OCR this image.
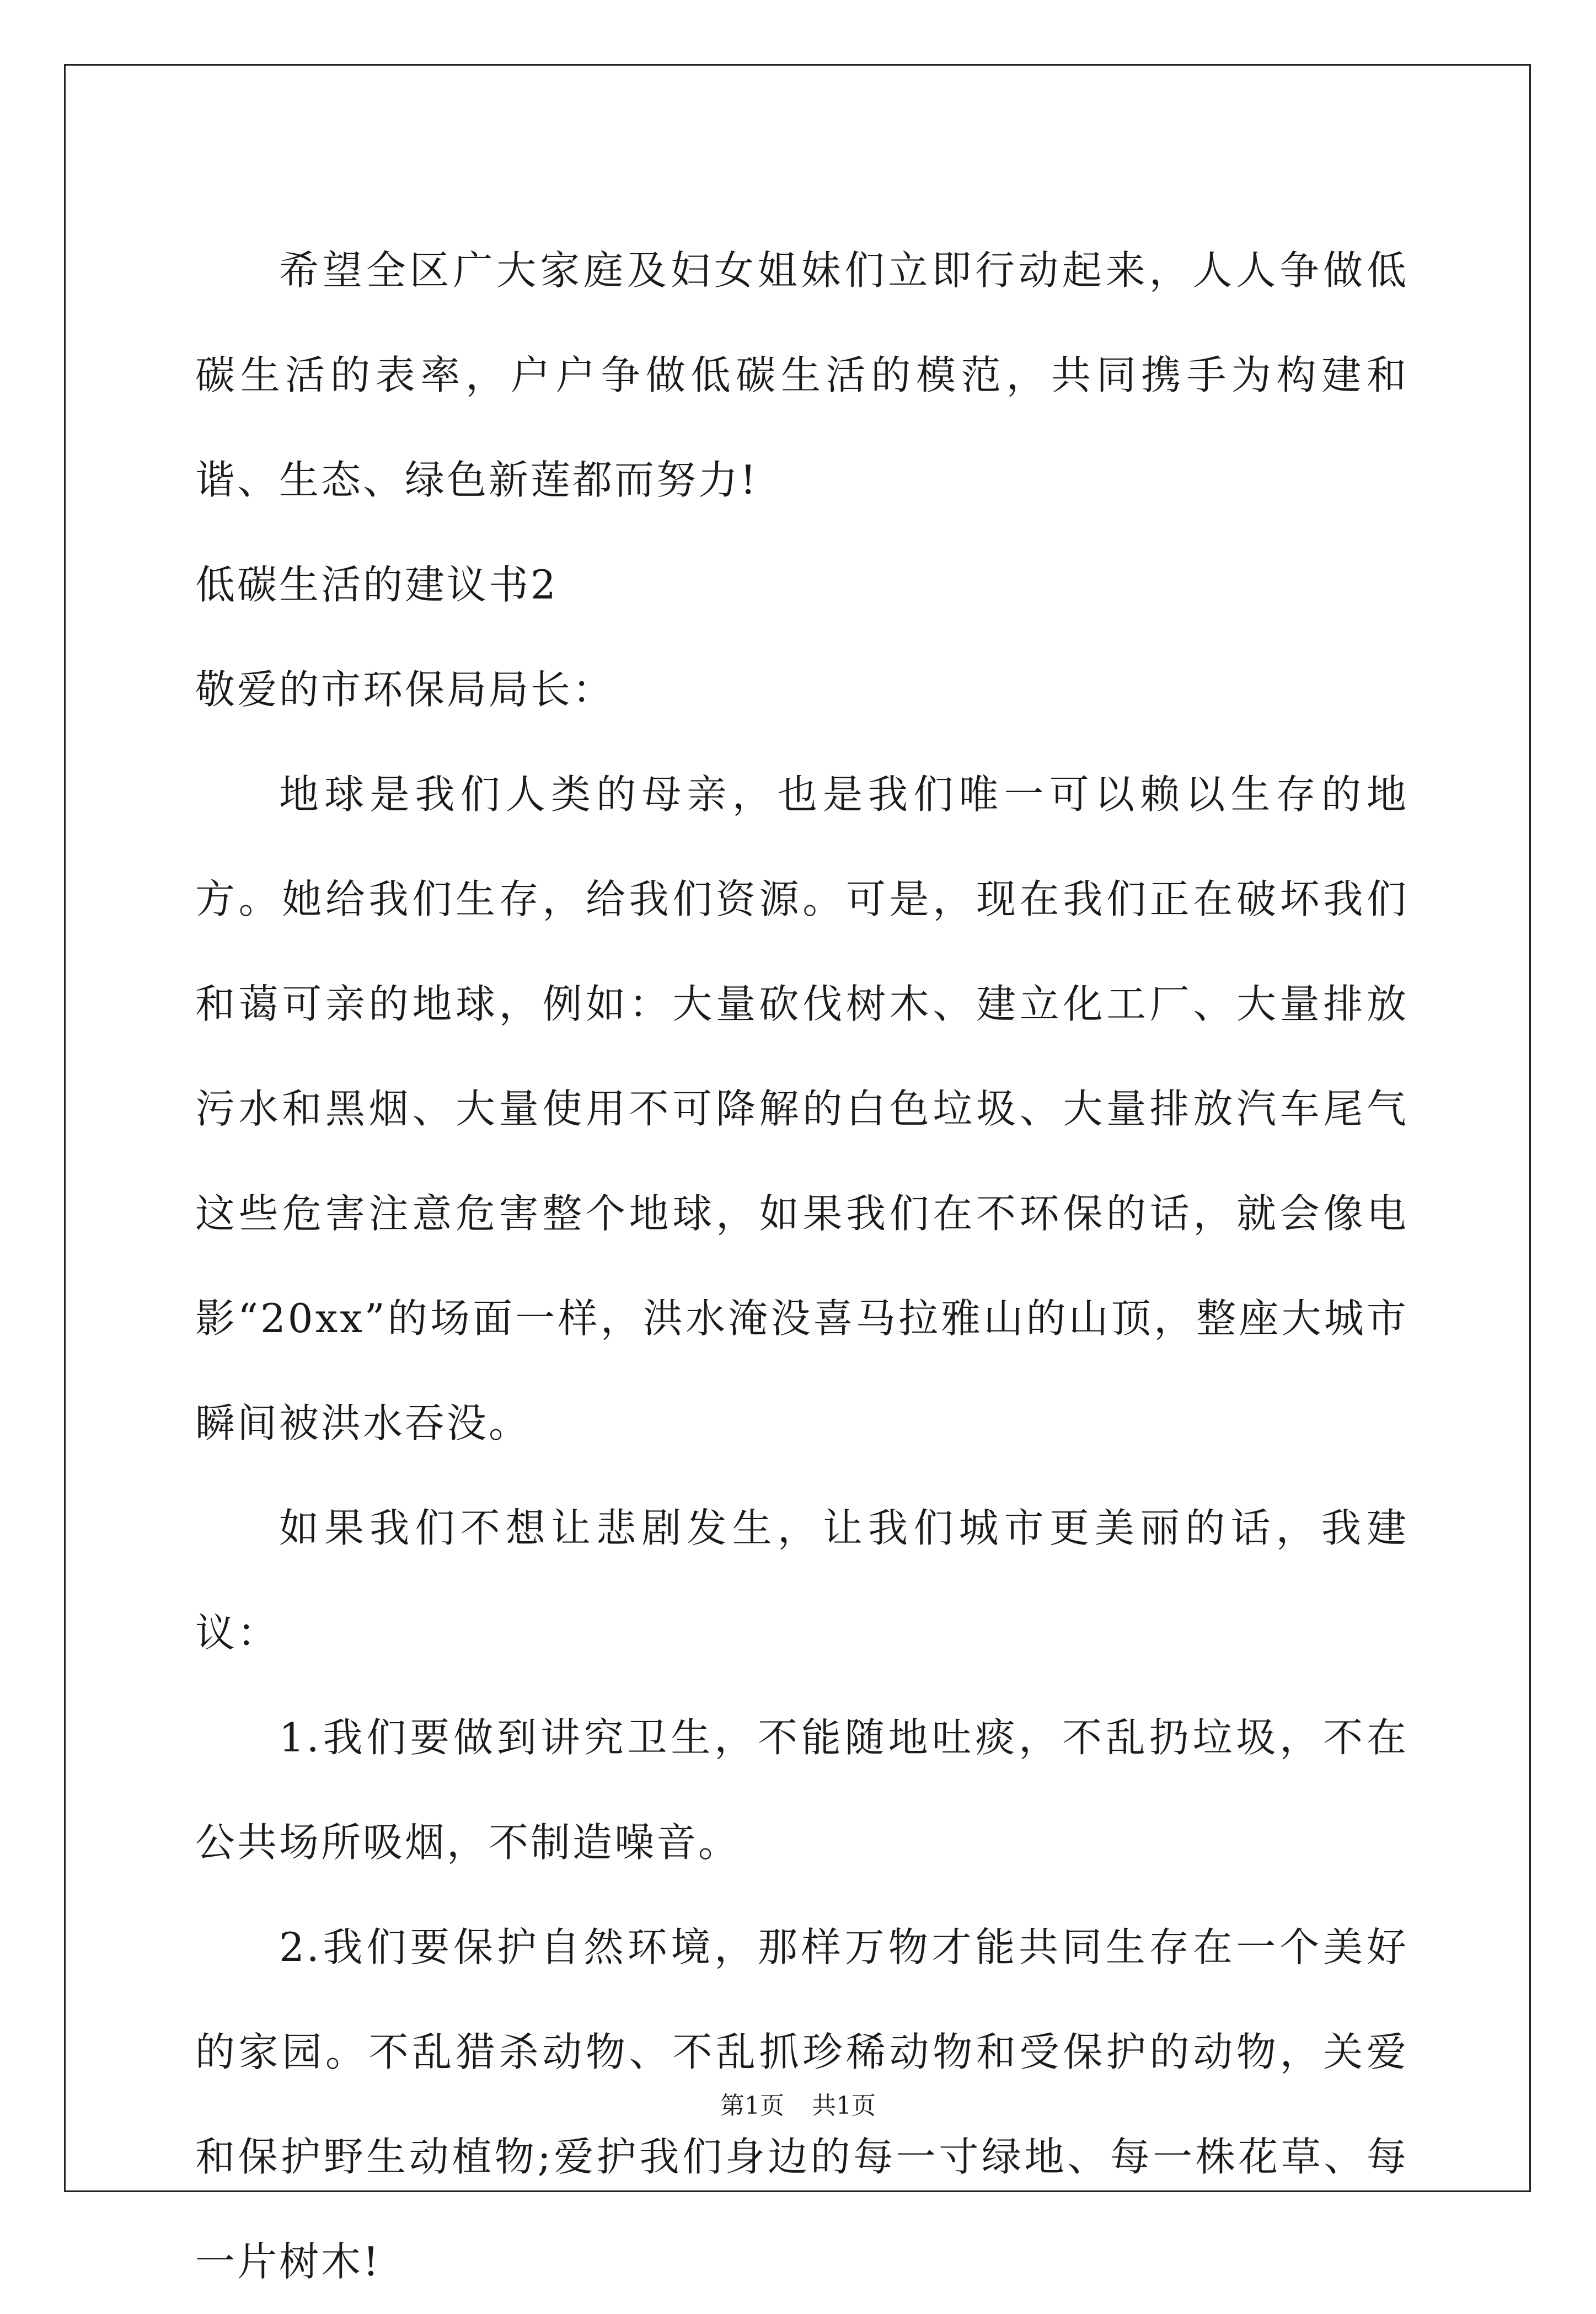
希望全区广大家庭及妇女姐妹们立即行动起来，人人争做低碳生活的表率，户户争做低碳生活的模范，共同携手为构建和谐、生态、绿色新莲都而努力!

低碳生活的建议书2

敬爱的市环保局局长：

地球是我们人类的母亲，也是我们唯一可以赖以生存的地方。她给我们生存，给我们资源。可是，现在我们正在破坏我们和蔼可亲的地球，例如：大量砍伐树木、建立化工厂、大量排放污水和黑烟、大量使用不可降解的白色垃圾、大量排放汽车尾气这些危害注意危害整个地球，如果我们在不环保的话，就会像电影“20xx”的场面一样，洪水淹没喜马拉雅山的山顶，整座大城市瞬间被洪水吞没。

如果我们不想让悲剧发生，让我们城市更美丽的话，我建议：

1.我们要做到讲究卫生，不能随地吐痰，不乱扔垃圾，不在公共场所吸烟，不制造噪音。

2.我们要保护自然环境，那样万物才能共同生存在一个美好的家园。不乱猎杀动物、不乱抓珍稀动物和受保护的动物，关爱和保护野生动植物;爱护我们身边的每一寸绿地、每一株花草、每一片树木!

第1页 共1页
